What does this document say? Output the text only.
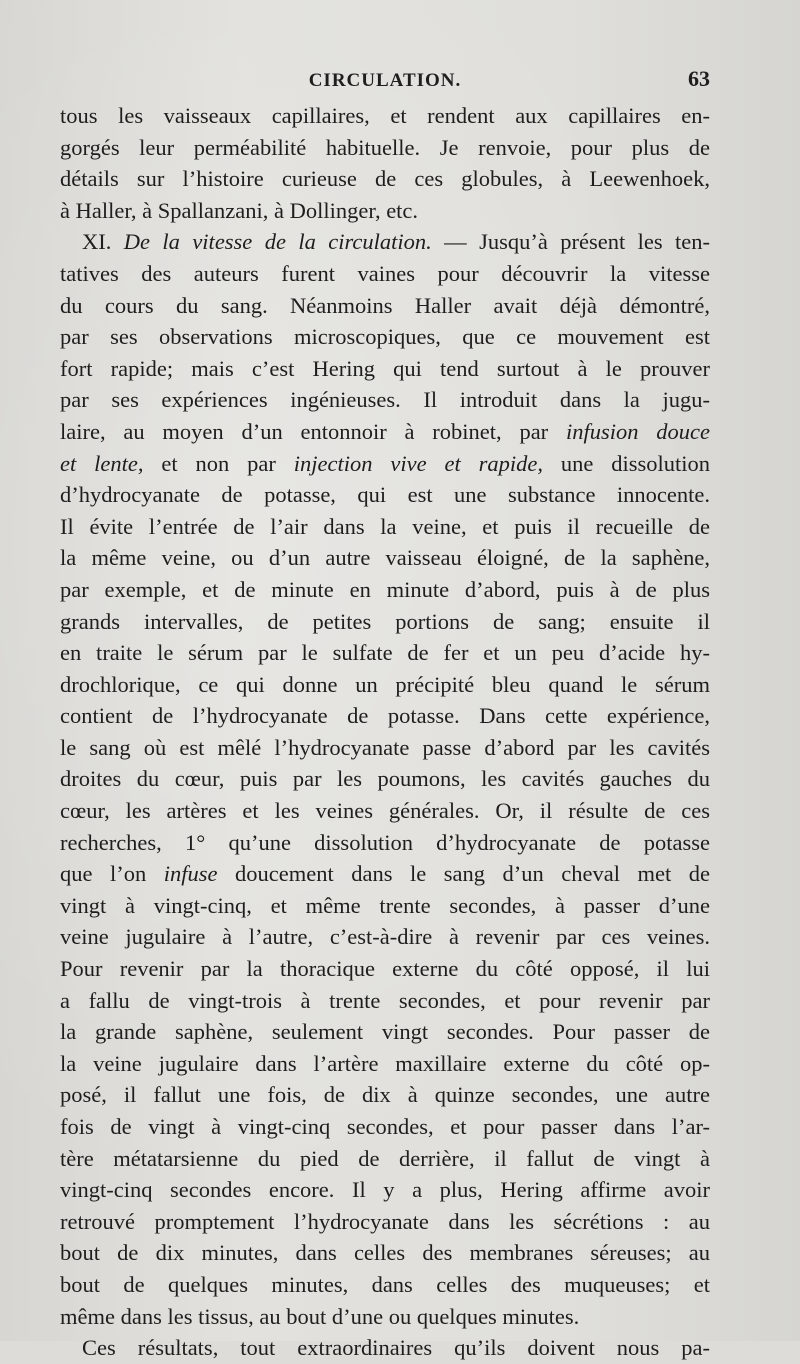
CIRCULATION.	63
tous les vaisseaux capillaires, et rendent aux capillaires en-
gorgés leur perméabilité habituelle. Je renvoie, pour plus de
détails sur l’histoire curieuse de ces globules, à Leewenhoek,
à Haller, à Spallanzani, à Dollinger, etc.
XI. De la vitesse de la circulation. — Jusqu’à présent les ten-
tatives des auteurs furent vaines pour découvrir la vitesse
du cours du sang. Néanmoins Haller avait déjà démontré,
par ses observations microscopiques, que ce mouvement est
fort rapide; mais c’est Hering qui tend surtout à le prouver
par ses expériences ingénieuses. Il introduit dans la jugu-
laire, au moyen d’un entonnoir à robinet, par infusion douce
et lente, et non par injection vive et rapide, une dissolution
d’hydrocyanate de potasse, qui est une substance innocente.
Il évite l’entrée de l’air dans la veine, et puis il recueille de
la même veine, ou d’un autre vaisseau éloigné, de la saphène,
par exemple, et de minute en minute d’abord, puis à de plus
grands intervalles, de petites portions de sang; ensuite il
en traite le sérum par le sulfate de fer et un peu d’acide hy-
drochlorique, ce qui donne un précipité bleu quand le sérum
contient de l’hydrocyanate de potasse. Dans cette expérience,
le sang où est mêlé l’hydrocyanate passe d’abord par les cavités
droites du cœur, puis par les poumons, les cavités gauches du
cœur, les artères et les veines générales. Or, il résulte de ces
recherches, 1° qu’une dissolution d’hydrocyanate de potasse
que l’on infuse doucement dans le sang d’un cheval met de
vingt à vingt-cinq, et même trente secondes, à passer d’une
veine jugulaire à l’autre, c’est-à-dire à revenir par ces veines.
Pour revenir par la thoracique externe du côté opposé, il lui
a fallu de vingt-trois à trente secondes, et pour revenir par
la grande saphène, seulement vingt secondes. Pour passer de
la veine jugulaire dans l’artère maxillaire externe du côté op-
posé, il fallut une fois, de dix à quinze secondes, une autre
fois de vingt à vingt-cinq secondes, et pour passer dans l’ar-
tère métatarsienne du pied de derrière, il fallut de vingt à
vingt-cinq secondes encore. Il y a plus, Hering affirme avoir
retrouvé promptement l’hydrocyanate dans les sécrétions : au
bout de dix minutes, dans celles des membranes séreuses; au
bout de quelques minutes, dans celles des muqueuses; et
même dans les tissus, au bout d’une ou quelques minutes.
Ces résultats, tout extraordinaires qu’ils doivent nous pa-
